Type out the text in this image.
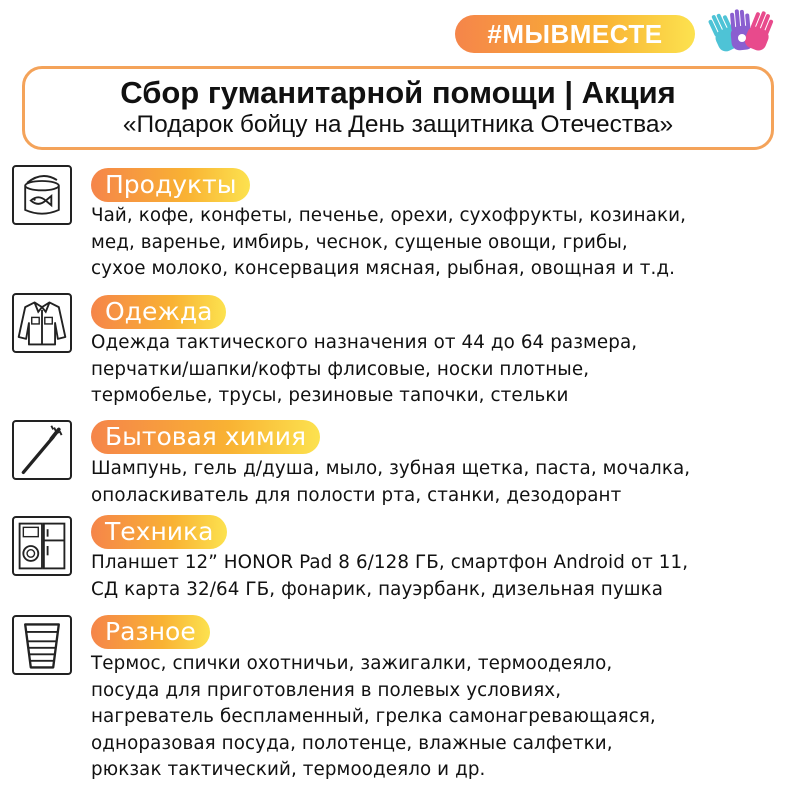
#МЫВМЕСТЕ
Сбор гуманитарной помощи | Акция
«Подарок бойцу на День защитника Отечества»
Продукты
Чай, кофе, конфеты, печенье, орехи, сухофрукты, козинаки,
мед, варенье, имбирь, чеснок, сущеные овощи, грибы,
сухое молоко, консервация мясная, рыбная, овощная и т.д.
Одежда
Одежда тактического назначения от 44 до 64 размера,
перчатки/шапки/кофты флисовые, носки плотные,
термобелье, трусы, резиновые тапочки, стельки
Бытовая химия
Шампунь, гель д/душа, мыло, зубная щетка, паста, мочалка,
ополаскиватель для полости рта, станки, дезодорант
Техника
Планшет 12” HONOR Pad 8 6/128 ГБ, смартфон Android от 11,
СД карта 32/64 ГБ, фонарик, пауэрбанк, дизельная пушка
Разное
Термос, спички охотничьи, зажигалки, термоодеяло,
посуда для приготовления в полевых условиях,
нагреватель беспламенный, грелка самонагревающаяся,
одноразовая посуда, полотенце, влажные салфетки,
рюкзак тактический, термоодеяло и др.
